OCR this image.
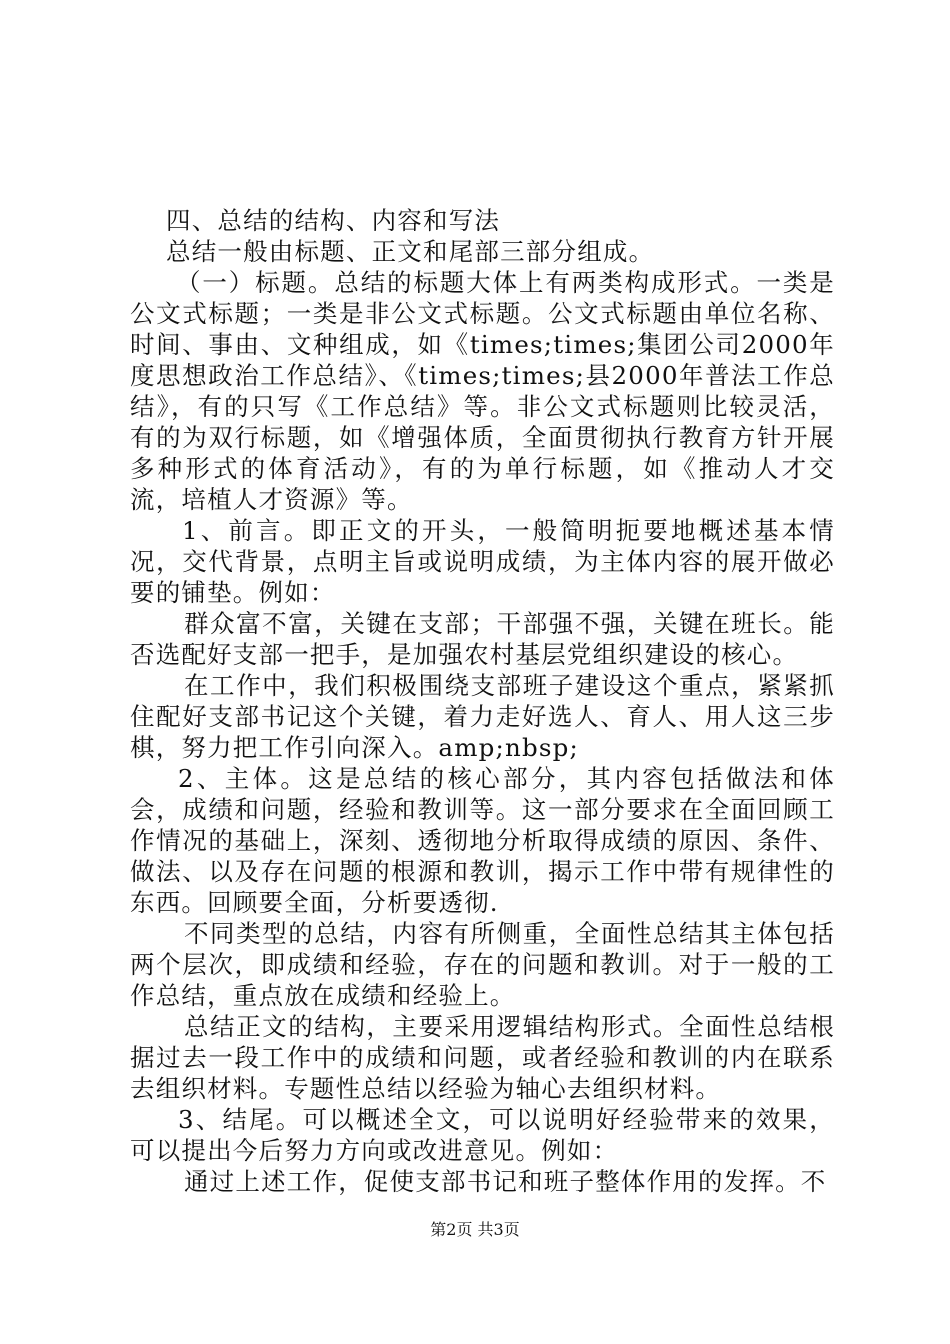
四、总结的结构、内容和写法

总结一般由标题、正文和尾部三部分组成。

（一）标题。总结的标题大体上有两类构成形式。一类是公文式标题；一类是非公文式标题。公文式标题由单位名称、时间、事由、文种组成，如《times;times;集团公司2000年度思想政治工作总结》、《times;times;县2000年普法工作总结》，有的只写《工作总结》等。非公文式标题则比较灵活，有的为双行标题，如《增强体质，全面贯彻执行教育方针开展多种形式的体育活动》，有的为单行标题，如《推动人才交流，培植人才资源》等。

1、前言。即正文的开头，一般简明扼要地概述基本情况，交代背景，点明主旨或说明成绩，为主体内容的展开做必要的铺垫。例如：

群众富不富，关键在支部；干部强不强，关键在班长。能否选配好支部一把手，是加强农村基层党组织建设的核心。

在工作中，我们积极围绕支部班子建设这个重点，紧紧抓住配好支部书记这个关键，着力走好选人、育人、用人这三步棋，努力把工作引向深入。amp;nbsp;

2、主体。这是总结的核心部分，其内容包括做法和体会，成绩和问题，经验和教训等。这一部分要求在全面回顾工作情况的基础上，深刻、透彻地分析取得成绩的原因、条件、做法、以及存在问题的根源和教训，揭示工作中带有规律性的东西。回顾要全面，分析要透彻.

不同类型的总结，内容有所侧重，全面性总结其主体包括两个层次，即成绩和经验，存在的问题和教训。对于一般的工作总结，重点放在成绩和经验上。

总结正文的结构，主要采用逻辑结构形式。全面性总结根据过去一段工作中的成绩和问题，或者经验和教训的内在联系去组织材料。专题性总结以经验为轴心去组织材料。

3、结尾。可以概述全文，可以说明好经验带来的效果，可以提出今后努力方向或改进意见。例如：

通过上述工作，促使支部书记和班子整体作用的发挥。不

第2页 共3页
